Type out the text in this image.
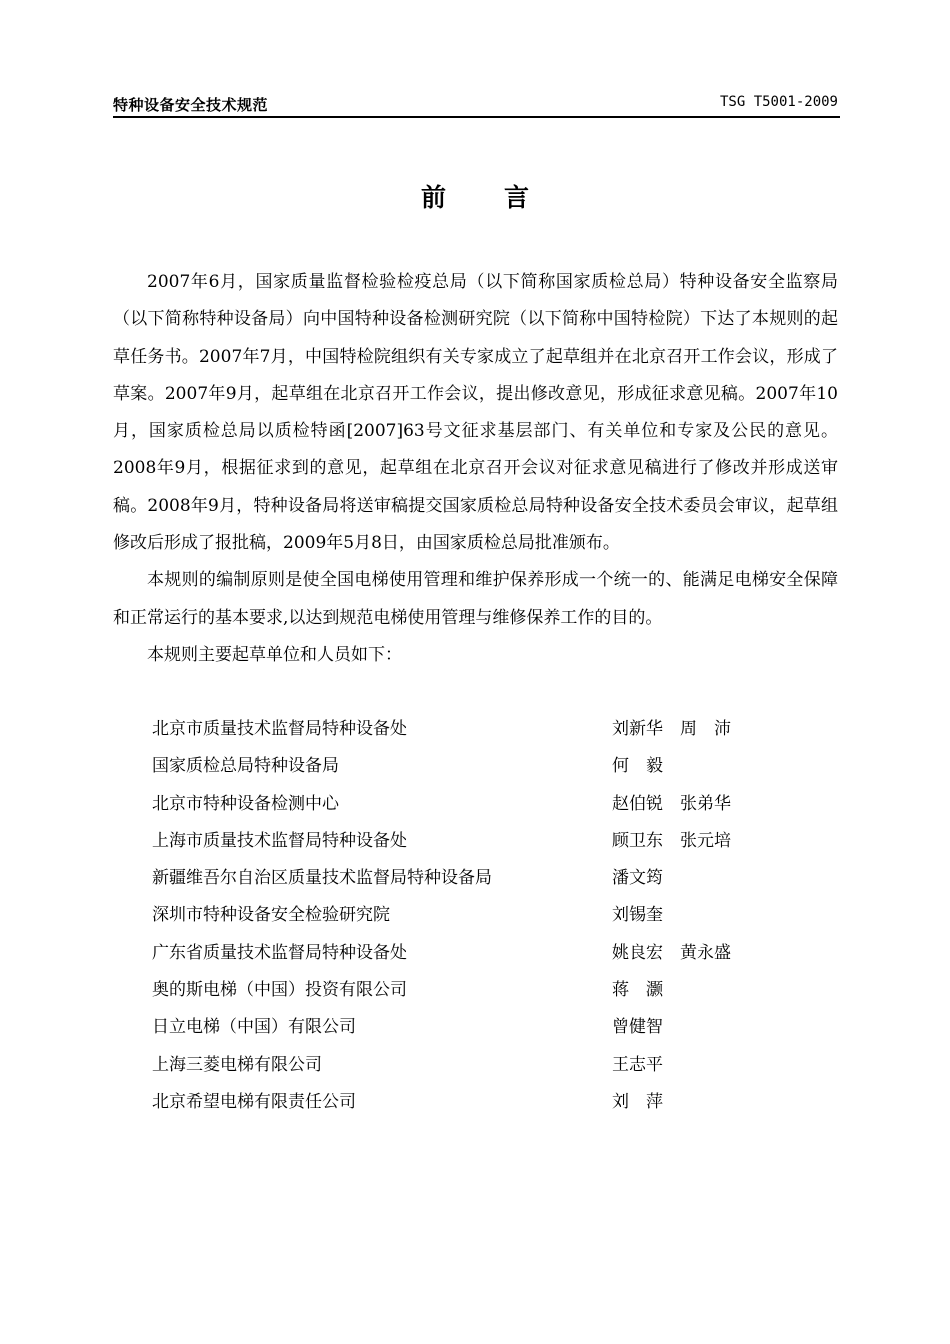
特种设备安全技术规范	TSG T5001-2009
前言

2007年6月，国家质量监督检验检疫总局（以下简称国家质检总局）特种设备安全监察局（以下简称特种设备局）向中国特种设备检测研究院（以下简称中国特检院）下达了本规则的起草任务书。2007年7月，中国特检院组织有关专家成立了起草组并在北京召开工作会议，形成了草案。2007年9月，起草组在北京召开工作会议，提出修改意见，形成征求意见稿。2007年10月，国家质检总局以质检特函[2007]63号文征求基层部门、有关单位和专家及公民的意见。2008年9月，根据征求到的意见，起草组在北京召开会议对征求意见稿进行了修改并形成送审稿。2008年9月，特种设备局将送审稿提交国家质检总局特种设备安全技术委员会审议，起草组修改后形成了报批稿，2009年5月8日，由国家质检总局批准颁布。

本规则的编制原则是使全国电梯使用管理和维护保养形成一个统一的、能满足电梯安全保障和正常运行的基本要求,以达到规范电梯使用管理与维修保养工作的目的。

本规则主要起草单位和人员如下：

北京市质量技术监督局特种设备处	刘新华　周　沛
国家质检总局特种设备局	何　毅
北京市特种设备检测中心	赵伯锐　张弟华
上海市质量技术监督局特种设备处	顾卫东　张元培
新疆维吾尔自治区质量技术监督局特种设备局	潘文筠
深圳市特种设备安全检验研究院	刘锡奎
广东省质量技术监督局特种设备处	姚良宏　黄永盛
奥的斯电梯（中国）投资有限公司	蒋　灏
日立电梯（中国）有限公司	曾健智
上海三菱电梯有限公司	王志平
北京希望电梯有限责任公司	刘　萍
